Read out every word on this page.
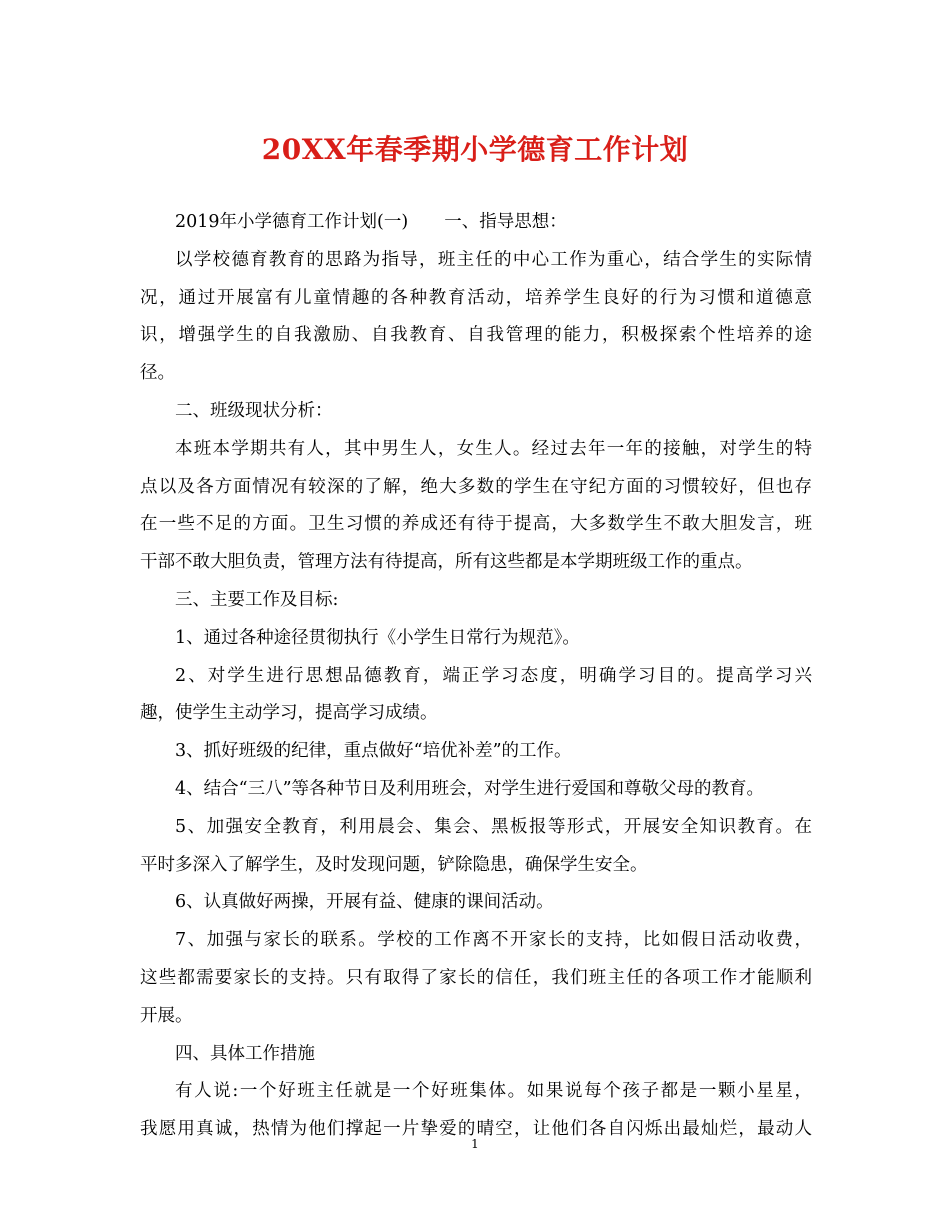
20XX年春季期小学德育工作计划
2019年小学德育工作计划(一) 一、指导思想：
以学校德育教育的思路为指导，班主任的中心工作为重心，结合学生的实际情
况，通过开展富有儿童情趣的各种教育活动，培养学生良好的行为习惯和道德意
识，增强学生的自我激励、自我教育、自我管理的能力，积极探索个性培养的途
径。
二、班级现状分析：
本班本学期共有人，其中男生人，女生人。经过去年一年的接触，对学生的特
点以及各方面情况有较深的了解，绝大多数的学生在守纪方面的习惯较好，但也存
在一些不足的方面。卫生习惯的养成还有待于提高，大多数学生不敢大胆发言，班
干部不敢大胆负责，管理方法有待提高，所有这些都是本学期班级工作的重点。
三、主要工作及目标:
1、通过各种途径贯彻执行《小学生日常行为规范》。
2、对学生进行思想品德教育，端正学习态度，明确学习目的。提高学习兴
趣，使学生主动学习，提高学习成绩。
3、抓好班级的纪律，重点做好“培优补差”的工作。
4、结合“三八”等各种节日及利用班会，对学生进行爱国和尊敬父母的教育。
5、加强安全教育，利用晨会、集会、黑板报等形式，开展安全知识教育。在
平时多深入了解学生，及时发现问题，铲除隐患，确保学生安全。
6、认真做好两操，开展有益、健康的课间活动。
7、加强与家长的联系。学校的工作离不开家长的支持，比如假日活动收费，
这些都需要家长的支持。只有取得了家长的信任，我们班主任的各项工作才能顺利
开展。
四、具体工作措施
有人说:一个好班主任就是一个好班集体。如果说每个孩子都是一颗小星星，
我愿用真诚，热情为他们撑起一片挚爱的晴空，让他们各自闪烁出最灿烂，最动人
1
